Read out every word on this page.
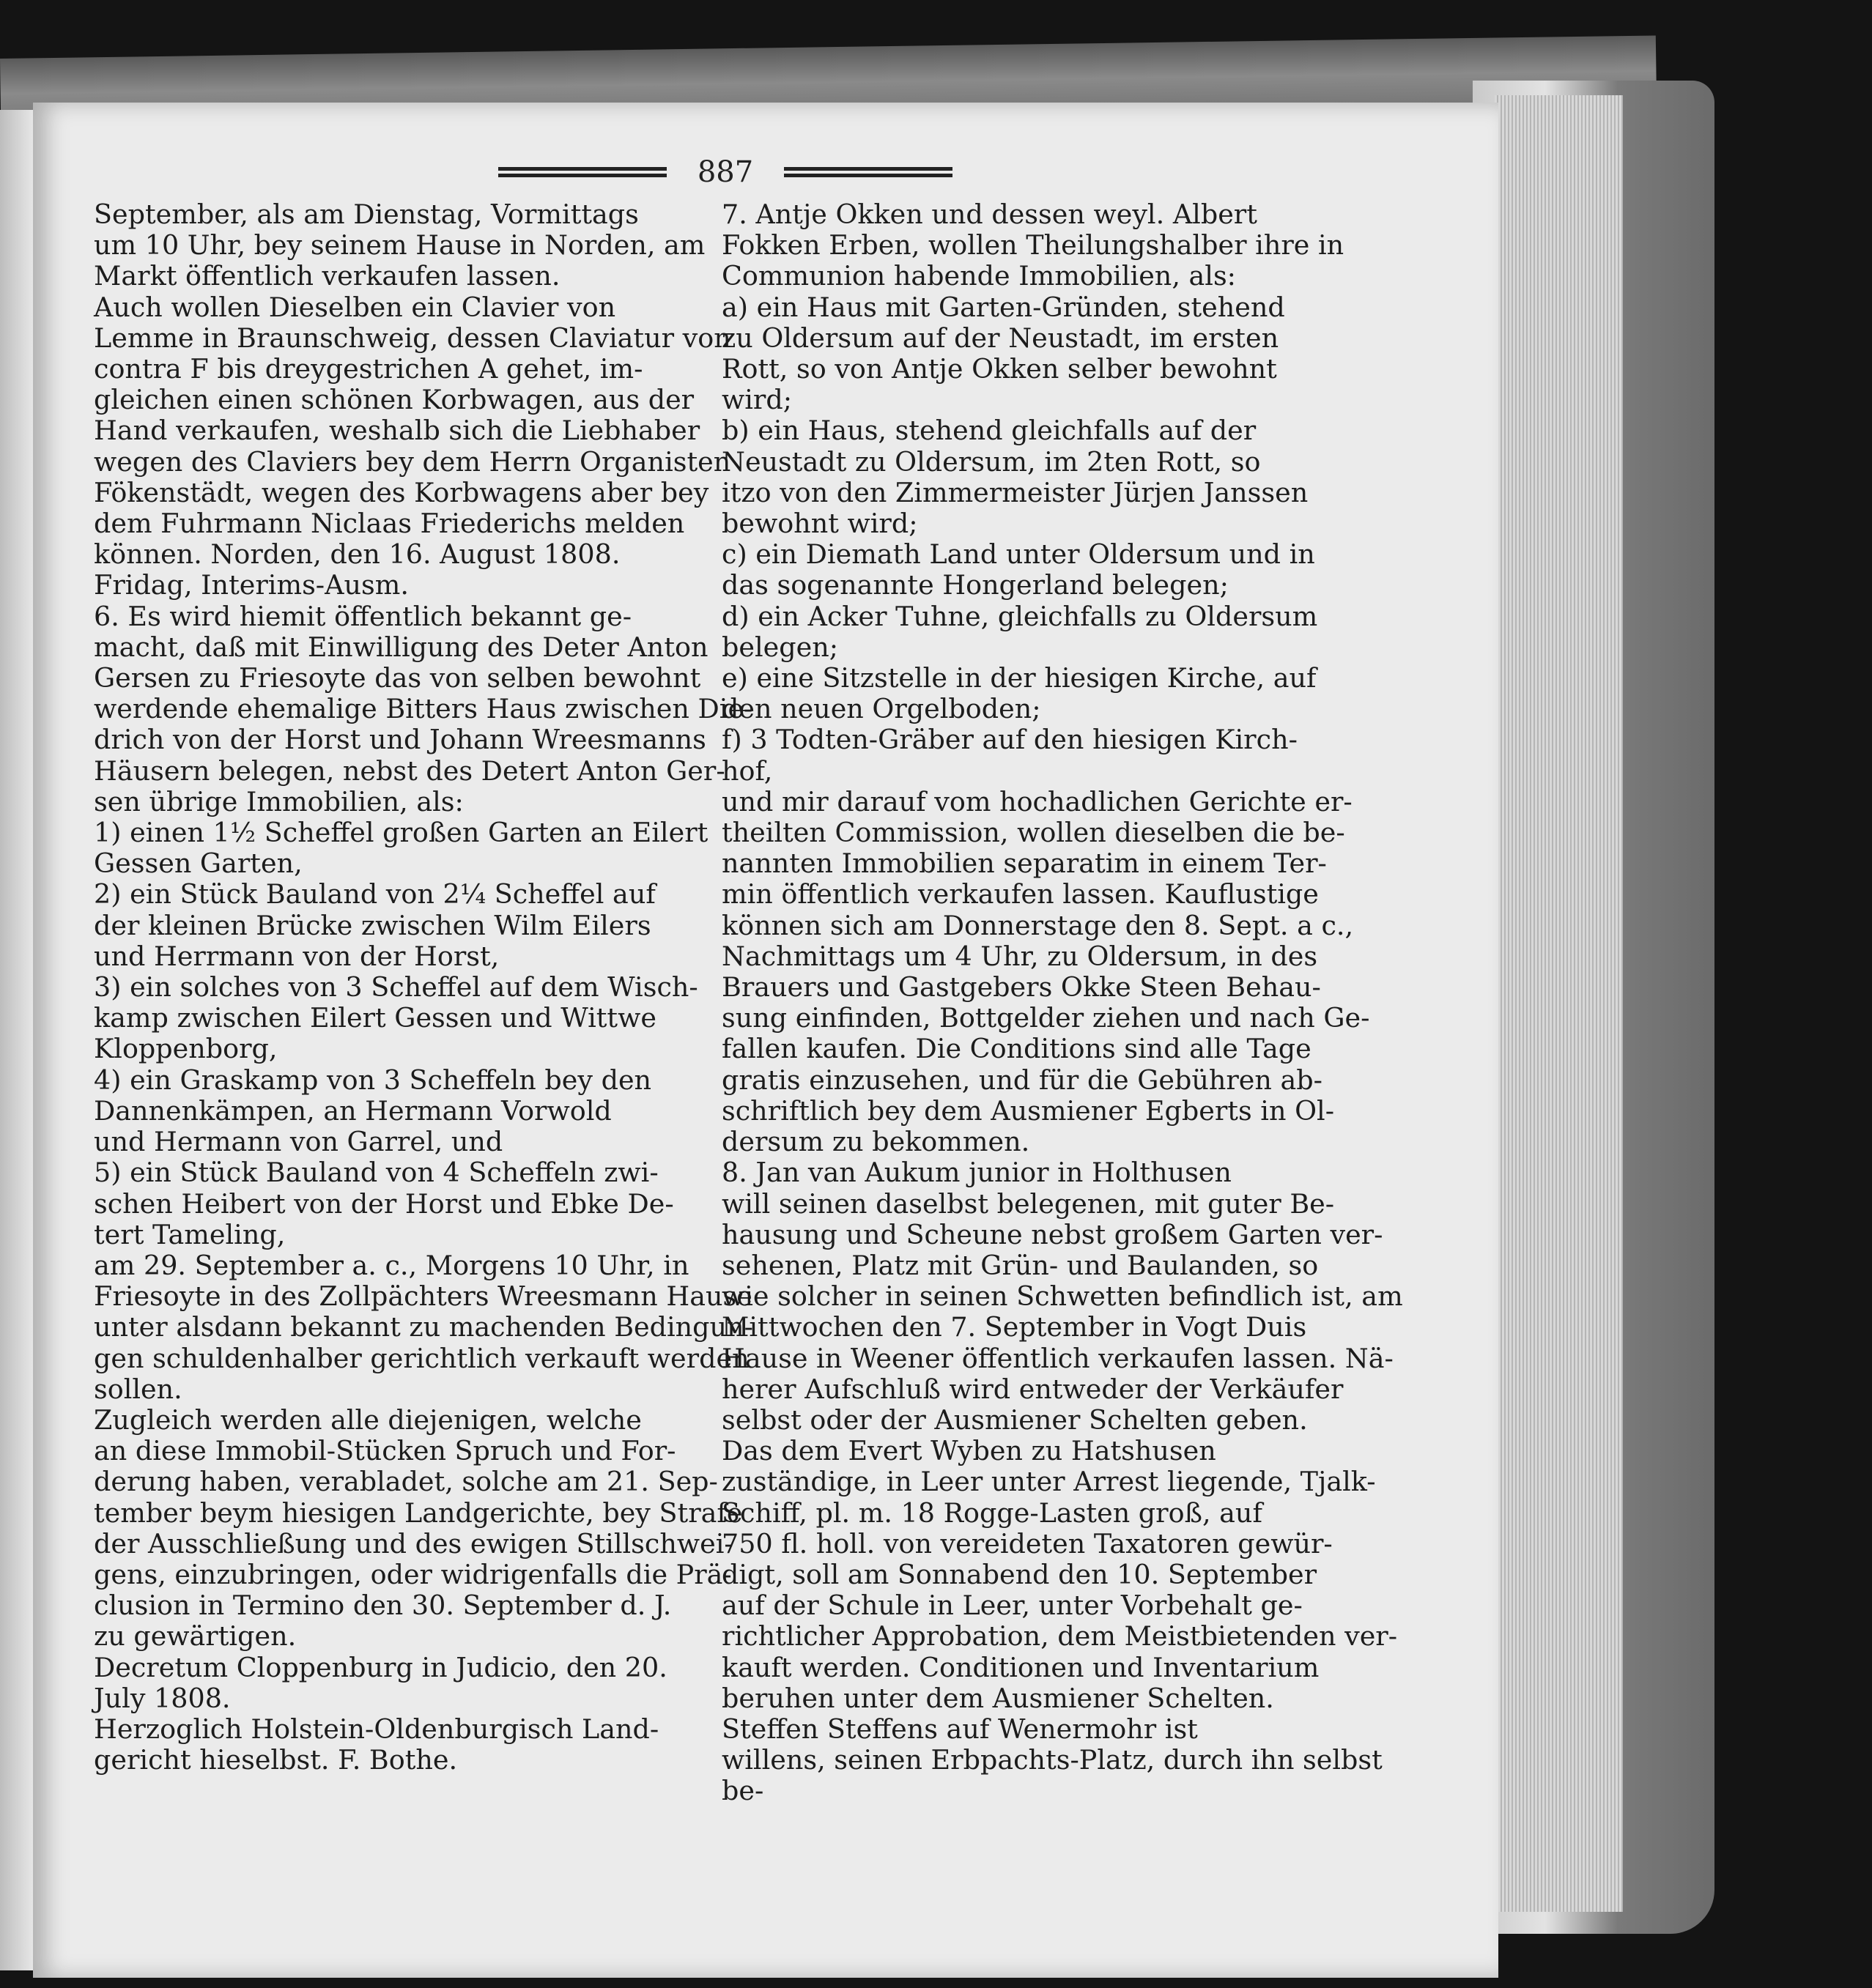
887
September, als am Dienstag, Vormittags
um 10 Uhr, bey seinem Hause in Norden, am
Markt öffentlich verkaufen lassen.
Auch wollen Dieselben ein Clavier von
Lemme in Braunschweig, dessen Claviatur von
contra F bis dreygestrichen A gehet, im-
gleichen einen schönen Korbwagen, aus der
Hand verkaufen, weshalb sich die Liebhaber
wegen des Claviers bey dem Herrn Organisten
Fökenstädt, wegen des Korbwagens aber bey
dem Fuhrmann Niclaas Friederichs melden
können. Norden, den 16. August 1808.
Fridag, Interims-Ausm.
6. Es wird hiemit öffentlich bekannt ge-
macht, daß mit Einwilligung des Deter Anton
Gersen zu Friesoyte das von selben bewohnt
werdende ehemalige Bitters Haus zwischen Die-
drich von der Horst und Johann Wreesmanns
Häusern belegen, nebst des Detert Anton Ger-
sen übrige Immobilien, als:
1) einen 1½ Scheffel großen Garten an Eilert
Gessen Garten,
2) ein Stück Bauland von 2¼ Scheffel auf
der kleinen Brücke zwischen Wilm Eilers
und Herrmann von der Horst,
3) ein solches von 3 Scheffel auf dem Wisch-
kamp zwischen Eilert Gessen und Wittwe
Kloppenborg,
4) ein Graskamp von 3 Scheffeln bey den
Dannenkämpen, an Hermann Vorwold
und Hermann von Garrel, und
5) ein Stück Bauland von 4 Scheffeln zwi-
schen Heibert von der Horst und Ebke De-
tert Tameling,
am 29. September a. c., Morgens 10 Uhr, in
Friesoyte in des Zollpächters Wreesmann Hause
unter alsdann bekannt zu machenden Bedingun-
gen schuldenhalber gerichtlich verkauft werden
sollen.
Zugleich werden alle diejenigen, welche
an diese Immobil-Stücken Spruch und For-
derung haben, verabladet, solche am 21. Sep-
tember beym hiesigen Landgerichte, bey Strafe
der Ausschließung und des ewigen Stillschwei-
gens, einzubringen, oder widrigenfalls die Prä-
clusion in Termino den 30. September d. J.
zu gewärtigen.
Decretum Cloppenburg in Judicio, den 20.
July 1808.
Herzoglich Holstein-Oldenburgisch Land-
gericht hieselbst. F. Bothe.
7. Antje Okken und dessen weyl. Albert
Fokken Erben, wollen Theilungshalber ihre in
Communion habende Immobilien, als:
a) ein Haus mit Garten-Gründen, stehend
zu Oldersum auf der Neustadt, im ersten
Rott, so von Antje Okken selber bewohnt
wird;
b) ein Haus, stehend gleichfalls auf der
Neustadt zu Oldersum, im 2ten Rott, so
itzo von den Zimmermeister Jürjen Janssen
bewohnt wird;
c) ein Diemath Land unter Oldersum und in
das sogenannte Hongerland belegen;
d) ein Acker Tuhne, gleichfalls zu Oldersum
belegen;
e) eine Sitzstelle in der hiesigen Kirche, auf
den neuen Orgelboden;
f) 3 Todten-Gräber auf den hiesigen Kirch-
hof,
und mir darauf vom hochadlichen Gerichte er-
theilten Commission, wollen dieselben die be-
nannten Immobilien separatim in einem Ter-
min öffentlich verkaufen lassen. Kauflustige
können sich am Donnerstage den 8. Sept. a c.,
Nachmittags um 4 Uhr, zu Oldersum, in des
Brauers und Gastgebers Okke Steen Behau-
sung einfinden, Bottgelder ziehen und nach Ge-
fallen kaufen. Die Conditions sind alle Tage
gratis einzusehen, und für die Gebühren ab-
schriftlich bey dem Ausmiener Egberts in Ol-
dersum zu bekommen.
8. Jan van Aukum junior in Holthusen
will seinen daselbst belegenen, mit guter Be-
hausung und Scheune nebst großem Garten ver-
sehenen, Platz mit Grün- und Baulanden, so
wie solcher in seinen Schwetten befindlich ist, am
Mittwochen den 7. September in Vogt Duis
Hause in Weener öffentlich verkaufen lassen. Nä-
herer Aufschluß wird entweder der Verkäufer
selbst oder der Ausmiener Schelten geben.
Das dem Evert Wyben zu Hatshusen
zuständige, in Leer unter Arrest liegende, Tjalk-
Schiff, pl. m. 18 Rogge-Lasten groß, auf
750 fl. holl. von vereideten Taxatoren gewür-
digt, soll am Sonnabend den 10. September
auf der Schule in Leer, unter Vorbehalt ge-
richtlicher Approbation, dem Meistbietenden ver-
kauft werden. Conditionen und Inventarium
beruhen unter dem Ausmiener Schelten.
Steffen Steffens auf Wenermohr ist
willens, seinen Erbpachts-Platz, durch ihn selbst
be-
